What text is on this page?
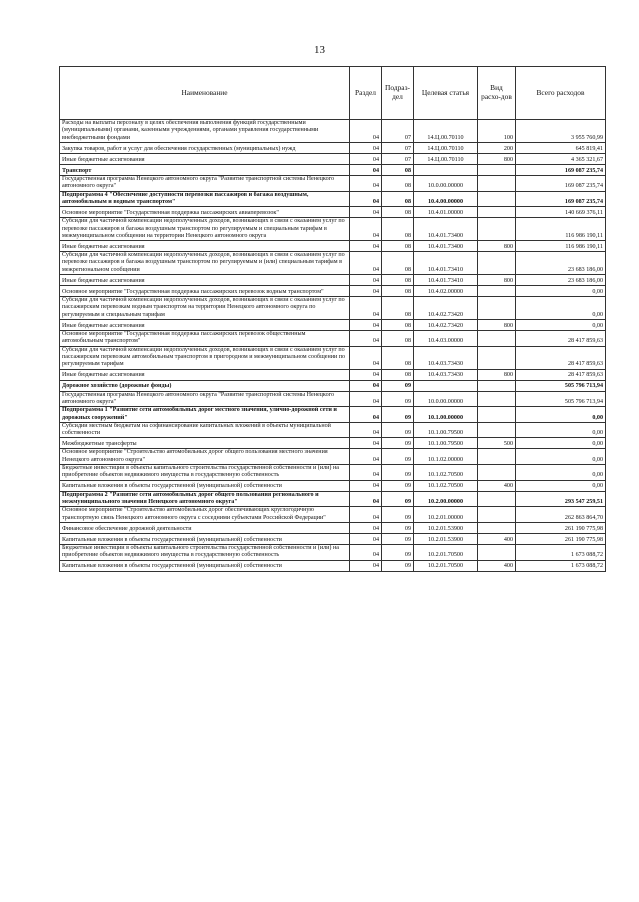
13
Наименование	Раздел	Подраз-дел	Целевая статья	Вид расхо-дов	Всего расходов
Расходы на выплаты персоналу в целях обеспечения выполнения функций государственными (муниципальными) органами, казенными учреждениями, органами управления государственными внебюджетными фондами	04	07	14.Ц.00.70110	100	3 955 760,99
Закупка товаров, работ и услуг для обеспечения государственных (муниципальных) нужд	04	07	14.Ц.00.70110	200	645 819,41
Иные бюджетные ассигнования	04	07	14.Ц.00.70110	800	4 365 321,67
Транспорт	04	08			169 087 235,74
Государственная программа Ненецкого автономного округа "Развитие транспортной системы Ненецкого автономного округа"	04	08	10.0.00.00000		169 087 235,74
Подпрограмма 4 "Обеспечение доступности перевозки пассажиров и багажа воздушным, автомобильным и водным транспортом"	04	08	10.4.00.00000		169 087 235,74
Основное мероприятие "Государственная поддержка пассажирских авиаперевозок"	04	08	10.4.01.00000		140 669 376,11
Субсидии для частичной компенсации недополученных доходов, возникающих в связи с оказанием услуг по перевозке пассажиров и багажа воздушным транспортом по регулируемым и специальным тарифам в межмуниципальном сообщении на территории Ненецкого автономного округа	04	08	10.4.01.73400		116 986 190,11
Иные бюджетные ассигнования	04	08	10.4.01.73400	800	116 986 190,11
Субсидии для частичной компенсации недополученных доходов, возникающих в связи с оказанием услуг по перевозке пассажиров и багажа воздушным транспортом по регулируемым и (или) специальным тарифам в межрегиональном сообщении	04	08	10.4.01.73410		23 683 186,00
Иные бюджетные ассигнования	04	08	10.4.01.73410	800	23 683 186,00
Основное мероприятие "Государственная поддержка пассажирских перевозок водным транспортом"	04	08	10.4.02.00000		0,00
Субсидии для частичной компенсации недополученных доходов, возникающих в связи с оказанием услуг по пассажирским перевозкам водным транспортом на территории Ненецкого автономного округа по регулируемым и специальным тарифам	04	08	10.4.02.73420		0,00
Иные бюджетные ассигнования	04	08	10.4.02.73420	800	0,00
Основное мероприятие "Государственная поддержка пассажирских перевозок общественным автомобильным транспортом"	04	08	10.4.03.00000		28 417 859,63
Субсидии для частичной компенсации недополученных доходов, возникающих в связи с оказанием услуг по пассажирским перевозкам автомобильным транспортом в пригородном и межмуниципальном сообщении по регулируемым тарифам	04	08	10.4.03.73430		28 417 859,63
Иные бюджетные ассигнования	04	08	10.4.03.73430	800	28 417 859,63
Дорожное хозяйство (дорожные фонды)	04	09			505 796 713,94
Государственная программа Ненецкого автономного округа "Развитие транспортной системы Ненецкого автономного округа"	04	09	10.0.00.00000		505 796 713,94
Подпрограмма 1 "Развитие сети автомобильных дорог местного значения, улично-дорожной сети и дорожных сооружений"	04	09	10.1.00.00000		0,00
Субсидии местным бюджетам на софинансирование капитальных вложений в объекты муниципальной собственности	04	09	10.1.00.79500		0,00
Межбюджетные трансферты	04	09	10.1.00.79500	500	0,00
Основное мероприятие "Строительство автомобильных дорог общего пользования местного значения Ненецкого автономного округа"	04	09	10.1.02.00000		0,00
Бюджетные инвестиции в объекты капитального строительства государственной собственности и (или) на приобретение объектов недвижимого имущества в государственную собственность	04	09	10.1.02.70500		0,00
Капитальные вложения в объекты государственной (муниципальной) собственности	04	09	10.1.02.70500	400	0,00
Подпрограмма 2 "Развитие сети автомобильных дорог общего пользования регионального и межмуниципального значения Ненецкого автономного округа"	04	09	10.2.00.00000		293 547 259,51
Основное мероприятие "Строительство автомобильных дорог обеспечивающих круглогодичную транспортную связь Ненецкого автономного округа с соседними субъектами Российской Федерации"	04	09	10.2.01.00000		262 863 864,70
Финансовое обеспечение дорожной деятельности	04	09	10.2.01.53900		261 190 775,98
Капитальные вложения в объекты государственной (муниципальной) собственности	04	09	10.2.01.53900	400	261 190 775,98
Бюджетные инвестиции в объекты капитального строительства государственной собственности и (или) на приобретение объектов недвижимого имущества в государственную собственность	04	09	10.2.01.70500		1 673 088,72
Капитальные вложения в объекты государственной (муниципальной) собственности	04	09	10.2.01.70500	400	1 673 088,72
